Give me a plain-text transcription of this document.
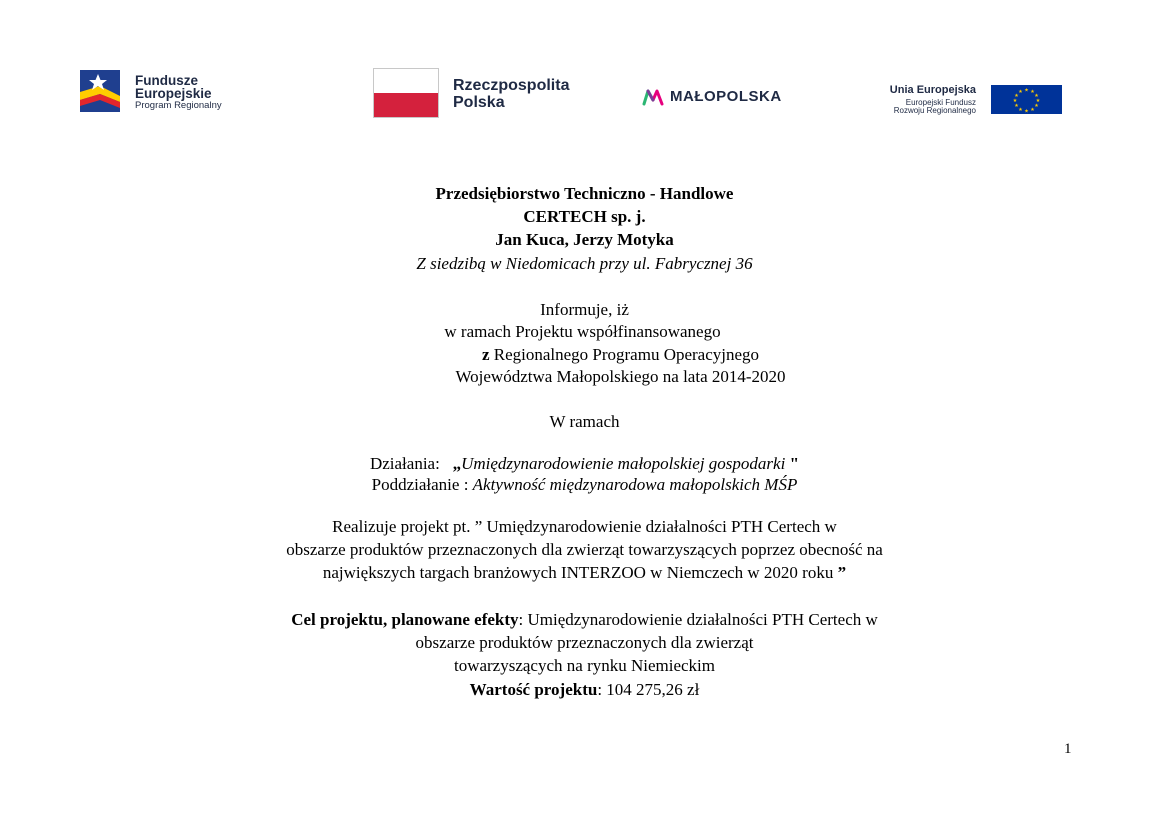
Fundusze
Europejskie
Program Regionalny
Rzeczpospolita
Polska	MAŁOPOLSKA	Unia Europejska
Europejski Fundusz
Rozwoju Regionalnego
★ ★
★
★
★
★
★
★
★
★
★
★
Przedsiębiorstwo Techniczno - Handlowe
CERTECH sp. j.
Jan Kuca, Jerzy Motyka
Z siedzibą w Niedomicach przy ul. Fabrycznej 36
Informuje, iż
w ramach Projektu współfinansowanego
z Regionalnego Programu Operacyjnego
Województwa Małopolskiego na lata 2014-2020
W ramach
Działania: „Umiędzynarodowienie małopolskiej gospodarki "
Poddziałanie : Aktywność międzynarodowa małopolskich MŚP
Realizuje projekt pt. ” Umiędzynarodowienie działalności PTH Certech w
obszarze produktów przeznaczonych dla zwierząt towarzyszących poprzez obecność na
największych targach branżowych INTERZOO w Niemczech w 2020 roku ”
Cel projektu, planowane efekty: Umiędzynarodowienie działalności PTH Certech w
obszarze produktów przeznaczonych dla zwierząt
towarzyszących na rynku Niemieckim
Wartość projektu: 104 275,26 zł
1
